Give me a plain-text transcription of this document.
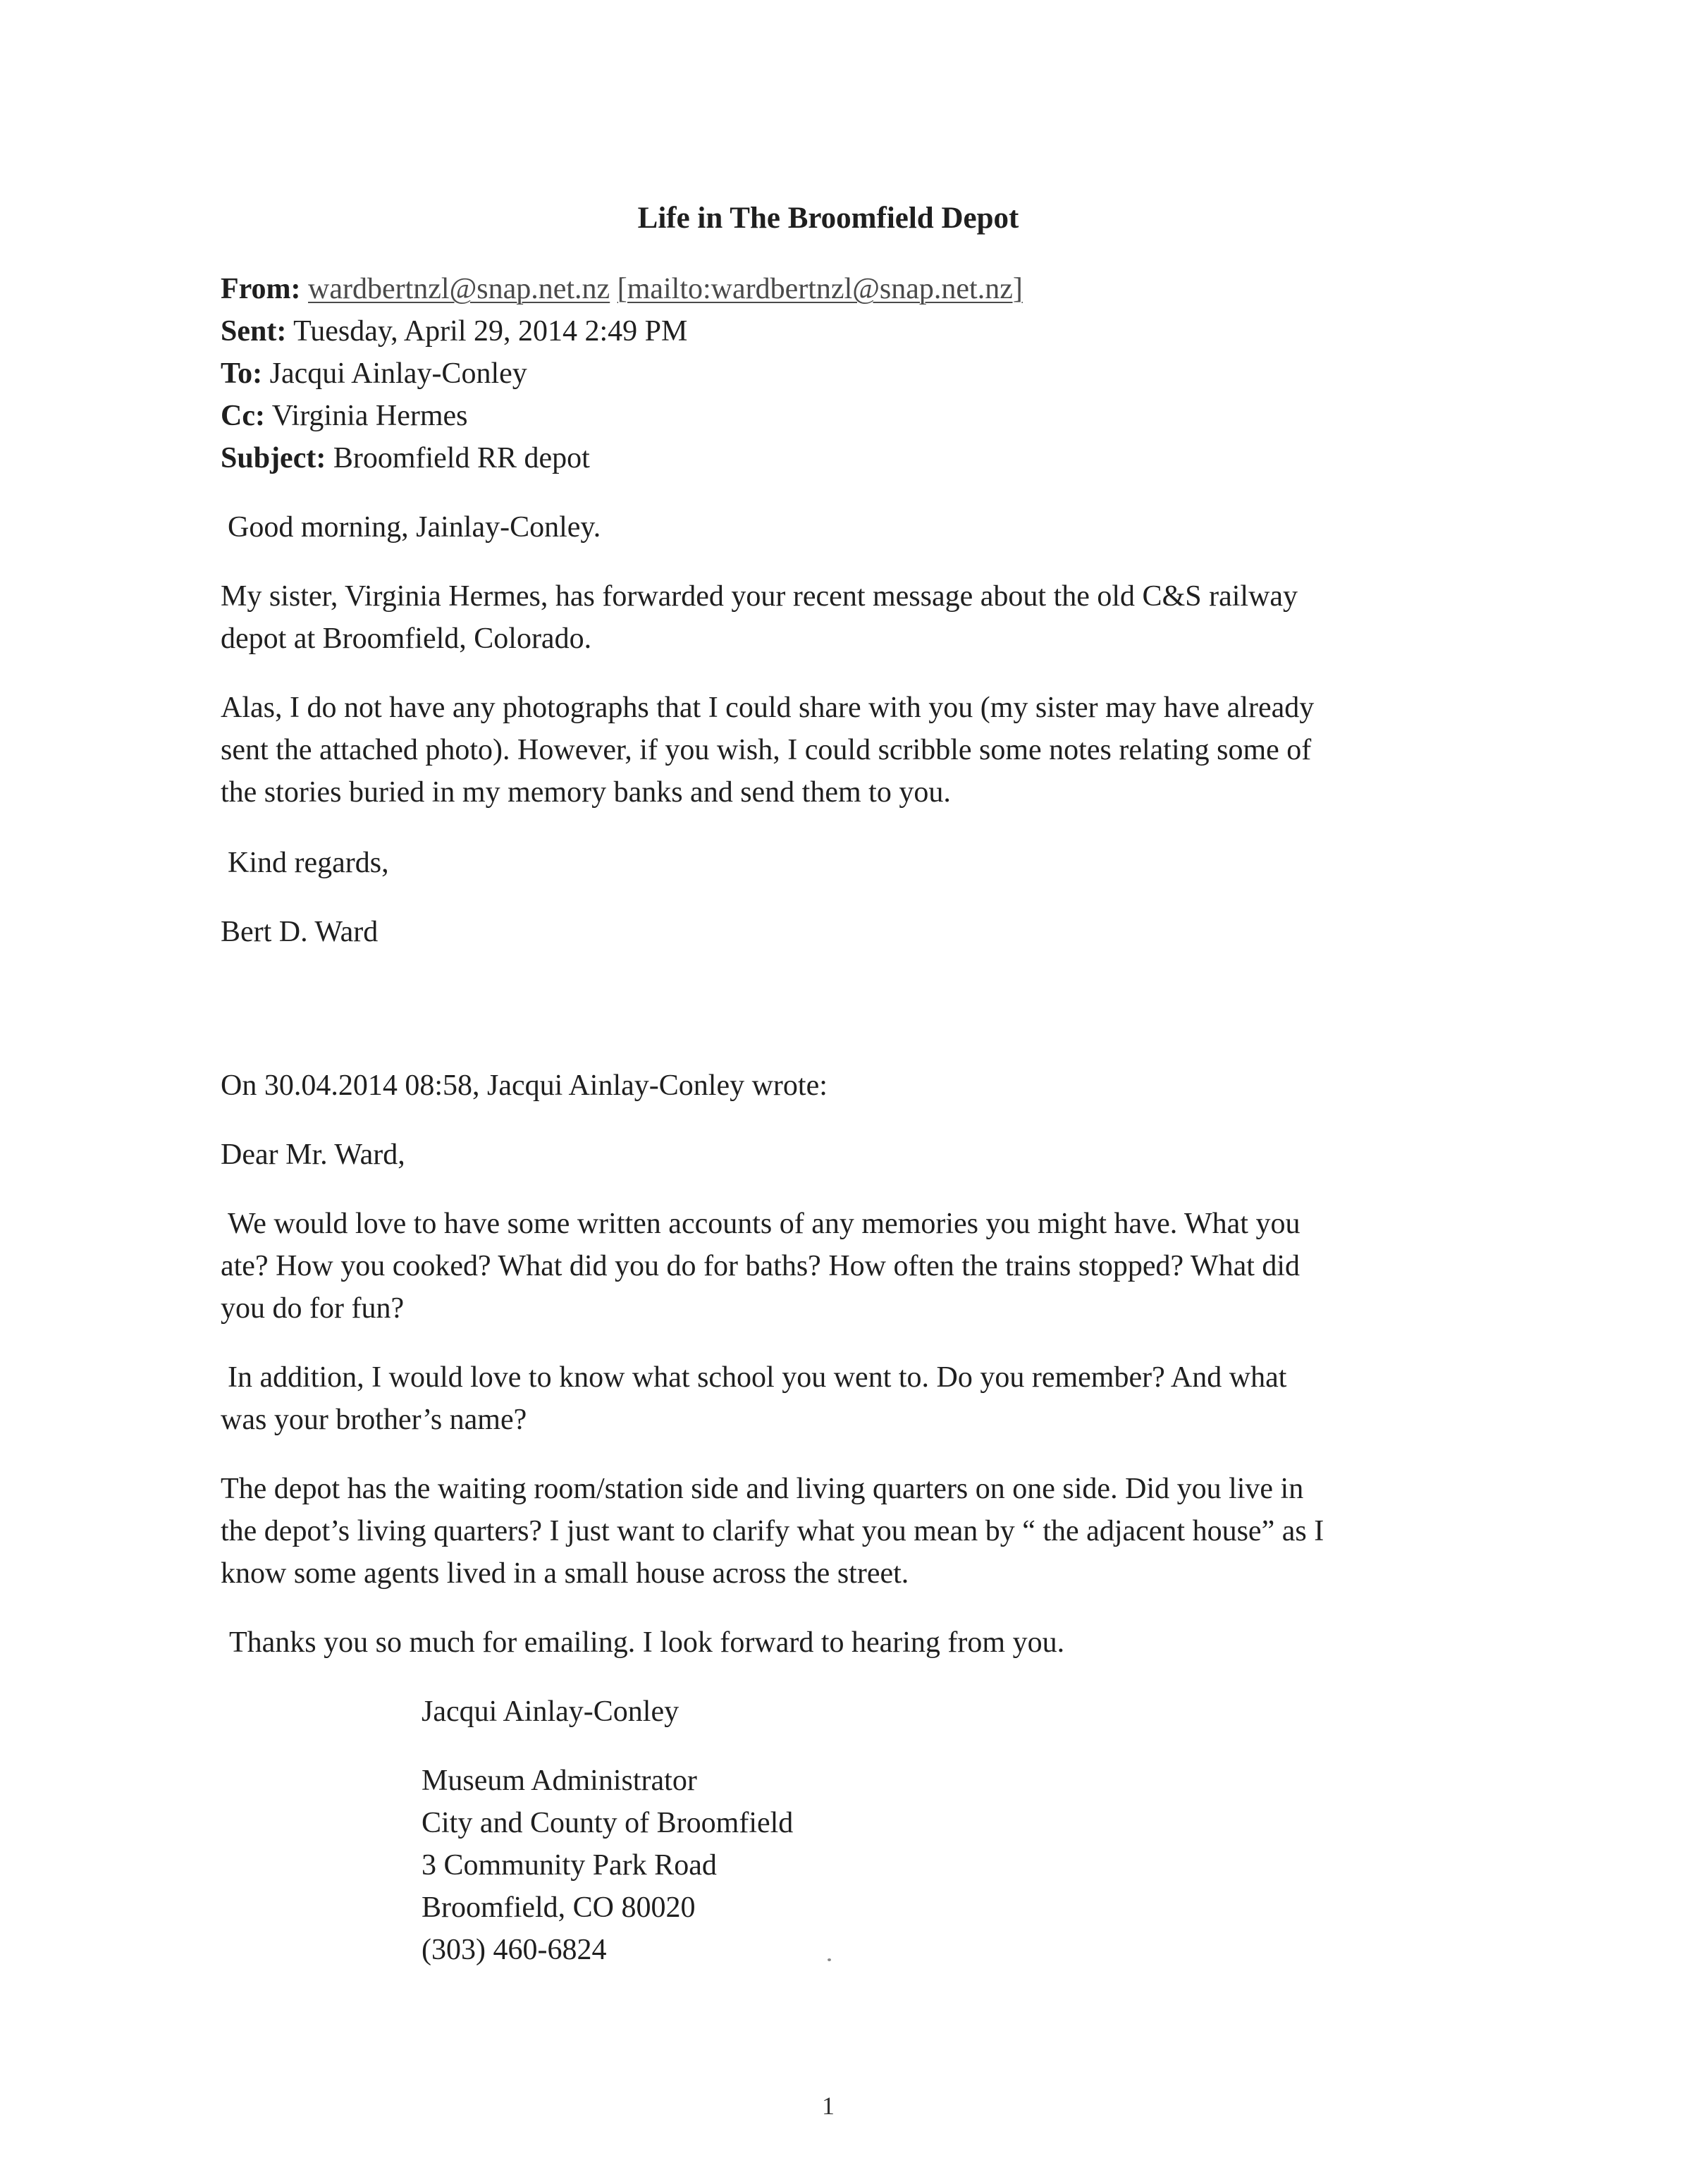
Life in The Broomfield Depot
From: wardbertnzl@snap.net.nz [mailto:wardbertnzl@snap.net.nz]
Sent: Tuesday, April 29, 2014 2:49 PM
To: Jacqui Ainlay-Conley
Cc: Virginia Hermes
Subject: Broomfield RR depot
Good morning, Jainlay-Conley.
My sister, Virginia Hermes, has forwarded your recent message about the old C&S railway
depot at Broomfield, Colorado.
Alas, I do not have any photographs that I could share with you (my sister may have already
sent the attached photo). However, if you wish, I could scribble some notes relating some of
the stories buried in my memory banks and send them to you.
Kind regards,
Bert D. Ward
On 30.04.2014 08:58, Jacqui Ainlay-Conley wrote:
Dear Mr. Ward,
We would love to have some written accounts of any memories you might have. What you
ate? How you cooked? What did you do for baths? How often the trains stopped? What did
you do for fun?
In addition, I would love to know what school you went to. Do you remember? And what
was your brother’s name?
The depot has the waiting room/station side and living quarters on one side. Did you live in
the depot’s living quarters? I just want to clarify what you mean by “ the adjacent house” as I
know some agents lived in a small house across the street.
Thanks you so much for emailing. I look forward to hearing from you.
Jacqui Ainlay-Conley
Museum Administrator
City and County of Broomfield
3 Community Park Road
Broomfield, CO 80020
(303) 460-6824
1
